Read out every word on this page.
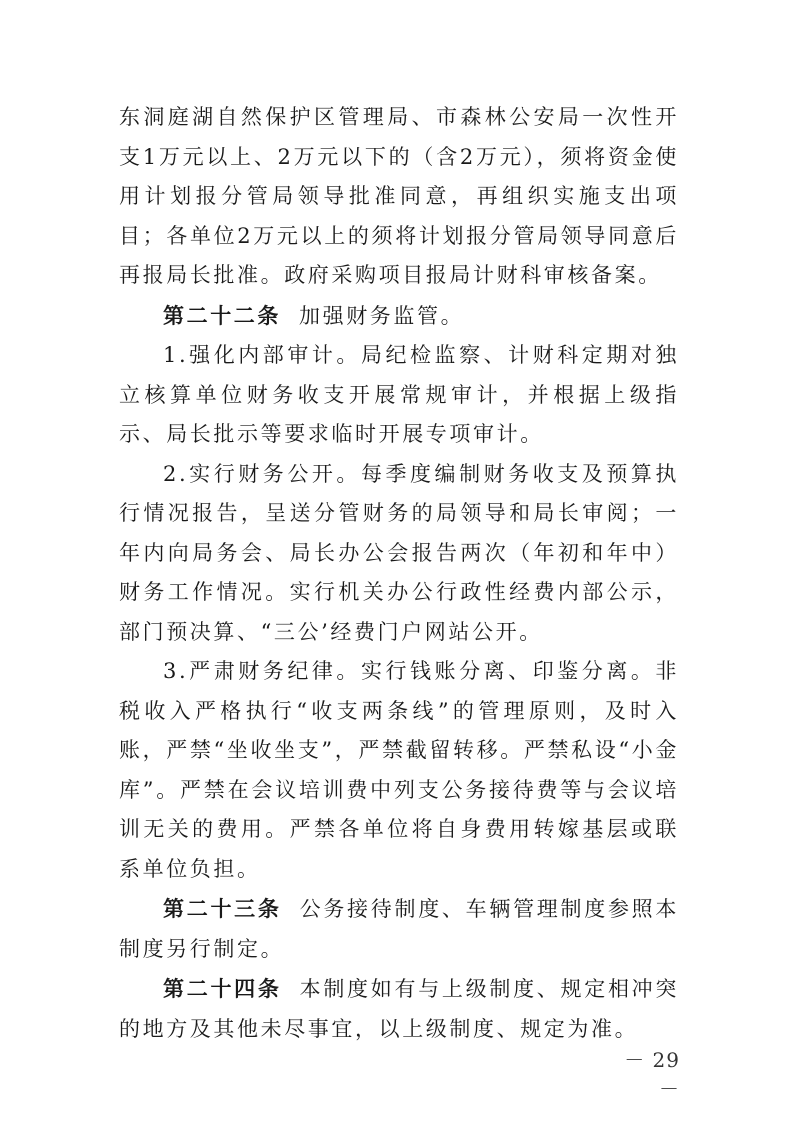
东洞庭湖自然保护区管理局、市森林公安局一次性开支1万元以上、2万元以下的（含2万元），须将资金使用计划报分管局领导批准同意，再组织实施支出项目；各单位2万元以上的须将计划报分管局领导同意后再报局长批准。政府采购项目报局计财科审核备案。

第二十二条 加强财务监管。

1.强化内部审计。局纪检监察、计财科定期对独立核算单位财务收支开展常规审计，并根据上级指示、局长批示等要求临时开展专项审计。

2.实行财务公开。每季度编制财务收支及预算执行情况报告，呈送分管财务的局领导和局长审阅；一年内向局务会、局长办公会报告两次（年初和年中）财务工作情况。实行机关办公行政性经费内部公示，部门预决算、“三公’经费门户网站公开。

3.严肃财务纪律。实行钱账分离、印鉴分离。非税收入严格执行“收支两条线”的管理原则，及时入账，严禁“坐收坐支”，严禁截留转移。严禁私设“小金库”。严禁在会议培训费中列支公务接待费等与会议培训无关的费用。严禁各单位将自身费用转嫁基层或联系单位负担。

第二十三条 公务接待制度、车辆管理制度参照本制度另行制定。

第二十四条 本制度如有与上级制度、规定相冲突的地方及其他未尽事宜，以上级制度、规定为准。

－ 29 －
